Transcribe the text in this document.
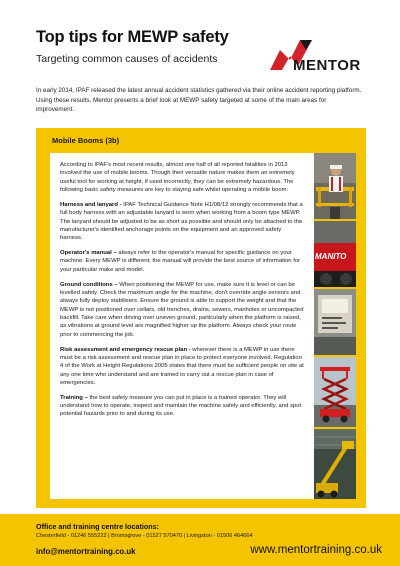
Top tips for MEWP safety
Targeting common causes of accidents	MENTOR

In early 2014, IPAF released the latest annual accident statistics gathered via their online accident reporting platform. Using these results, Mentor presents a brief look at MEWP safety targeted at some of the main areas for improvement.

Mobile Booms (3b)

According to IPAF's most recent results, almost one half of all reported fatalities in 2013 involved the use of mobile booms. Though their versatile nature makes them an extremely useful tool for working at height, if used incorrectly, they can be extremely hazardous. The following basic safety measures are key to staying safe whilst operating a mobile boom:

Harness and lanyard - IPAF Technical Guidance Note H1/08/12 strongly recommends that a full body harness with an adjustable lanyard is worn when working from a boom type MEWP. The lanyard should be adjusted to be as short as possible and should only be attached to the manufacturer's identified anchorage points on the equipment and an approved safety harness.

Operator's manual – always refer to the operator's manual for specific guidance on your machine. Every MEWP is different; the manual will provide the best source of information for your particular make and model.

Ground conditions – When positioning the MEWP for use, make sure it is level or can be levelled safely. Check the maximum angle for the machine, don't override angle sensors and always fully deploy stabilisers. Ensure the ground is able to support the weight and that the MEWP is not positioned over cellars, old trenches, drains, sewers, manholes or uncompacted backfill. Take care when driving over uneven ground, particularly when the platform is raised, as vibrations at ground level are magnified higher up the platform. Always check your route prior to commencing the job.

Risk assessment and emergency rescue plan - wherever there is a MEWP in use there must be a risk assessment and rescue plan in place to protect everyone involved. Regulation 4 of the Work at Height Regulations 2005 states that there must be sufficient people on site at any one time who understand and are trained to carry out a rescue plan in case of emergencies.

Training – the best safety measure you can put in place is a trained operator. They will understand how to operate, inspect and maintain the machine safely and efficiently, and spot potential hazards prior to and during its use.

MANITO
Office and training centre locations:
Chesterfield - 01246 555222 | Bromsgrove - 01527 570470 | Livingston - 01506 464664
info@mentortraining.co.uk	www.mentortraining.co.uk
